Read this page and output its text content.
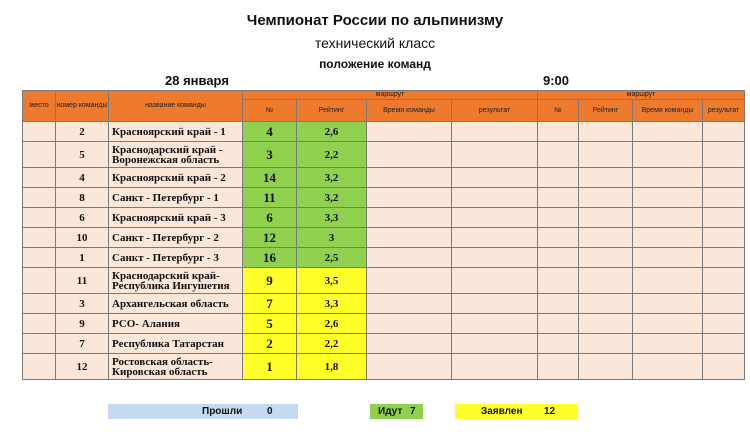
Чемпионат России по альпинизму
технический класс
положение команд
28 января	9:00
место	номер команды	название команды	маршрут				маршрут			
			№	Рейтинг	Время команды	результат	№	Рейтинг	Время команды	результат
	2	Красноярский край - 1	4	2,6						
	5	Краснодарский край - Воронежская область	3	2,2						
	4	Красноярский край - 2	14	3,2						
	8	Санкт - Петербург - 1	11	3,2						
	6	Красноярский край - 3	6	3,3						
	10	Санкт - Петербург - 2	12	3						
	1	Санкт - Петербург - 3	16	2,5						
	11	Краснодарский край- Республика Ингушетия	9	3,5						
	3	Архангельская область	7	3,3						
	9	РСО- Алания	5	2,6						
	7	Республика Татарстан	2	2,2						
	12	Ростовская область- Кировская область	1	1,8						
Прошли 0	Идут 7	Заявлен 12
